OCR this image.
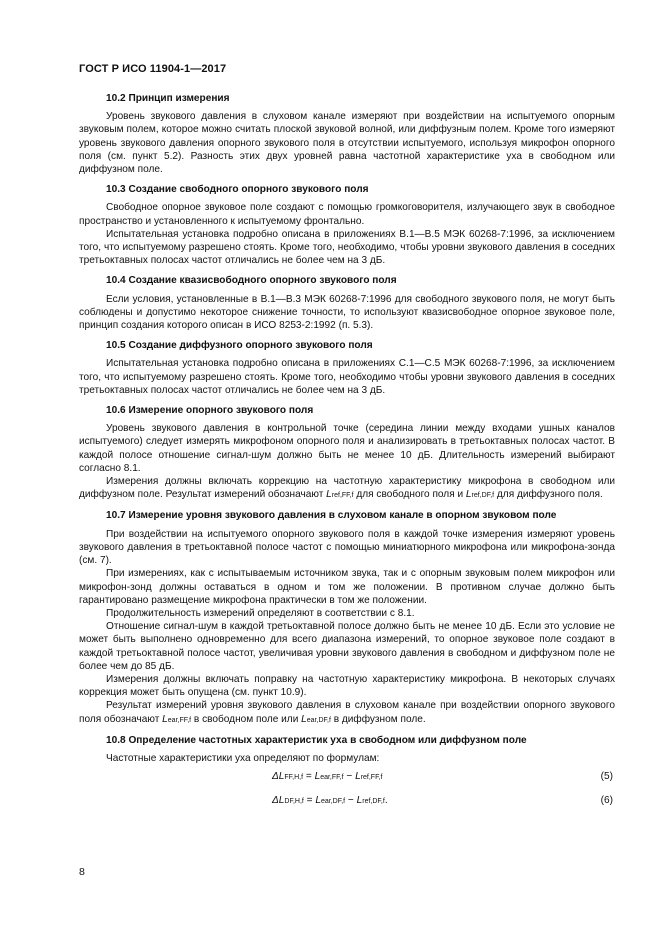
ГОСТ Р ИСО 11904-1—2017
10.2 Принцип измерения

Уровень звукового давления в слуховом канале измеряют при воздействии на испытуемого опорным звуковым полем, которое можно считать плоской звуковой волной, или диффузным полем. Кроме того измеряют уровень звукового давления опорного звукового поля в отсутствии испытуемого, используя микрофон опорного поля (см. пункт 5.2). Разность этих двух уровней равна частотной характеристике уха в свободном или диффузном поле.

10.3 Создание свободного опорного звукового поля

Свободное опорное звуковое поле создают с помощью громкоговорителя, излучающего звук в свободное пространство и установленного к испытуемому фронтально.

Испытательная установка подробно описана в приложениях B.1—B.5 МЭК 60268-7:1996, за исключением того, что испытуемому разрешено стоять. Кроме того, необходимо, чтобы уровни звукового давления в соседних третьоктавных полосах частот отличались не более чем на 3 дБ.

10.4 Создание квазисвободного опорного звукового поля

Если условия, установленные в B.1—B.3 МЭК 60268-7:1996 для свободного звукового поля, не могут быть соблюдены и допустимо некоторое снижение точности, то используют квазисвободное опорное звуковое поле, принцип создания которого описан в ИСО 8253-2:1992 (п. 5.3).

10.5 Создание диффузного опорного звукового поля

Испытательная установка подробно описана в приложениях C.1—C.5 МЭК 60268-7:1996, за исключением того, что испытуемому разрешено стоять. Кроме того, необходимо чтобы уровни звукового давления в соседних третьоктавных полосах частот отличались не более чем на 3 дБ.

10.6 Измерение опорного звукового поля

Уровень звукового давления в контрольной точке (середина линии между входами ушных каналов испытуемого) следует измерять микрофоном опорного поля и анализировать в третьоктавных полосах частот. В каждой полосе отношение сигнал-шум должно быть не менее 10 дБ. Длительность измерений выбирают согласно 8.1.

Измерения должны включать коррекцию на частотную характеристику микрофона в свободном или диффузном поле. Результат измерений обозначают Lref,FF,f для свободного поля и Lref,DF,f для диффузного поля.

10.7 Измерение уровня звукового давления в слуховом канале в опорном звуковом поле

При воздействии на испытуемого опорного звукового поля в каждой точке измерения измеряют уровень звукового давления в третьоктавной полосе частот с помощью миниатюрного микрофона или микрофона-зонда (см. 7).

При измерениях, как с испытываемым источником звука, так и с опорным звуковым полем микрофон или микрофон-зонд должны оставаться в одном и том же положении. В противном случае должно быть гарантировано размещение микрофона практически в том же положении.

Продолжительность измерений определяют в соответствии с 8.1.

Отношение сигнал-шум в каждой третьоктавной полосе должно быть не менее 10 дБ. Если это условие не может быть выполнено одновременно для всего диапазона измерений, то опорное звуковое поле создают в каждой третьоктавной полосе частот, увеличивая уровни звукового давления в свободном и диффузном поле не более чем до 85 дБ.

Измерения должны включать поправку на частотную характеристику микрофона. В некоторых случаях коррекция может быть опущена (см. пункт 10.9).

Результат измерений уровня звукового давления в слуховом канале при воздействии опорного звукового поля обозначают Lear,FF,f в свободном поле или Lear,DF,f в диффузном поле.

10.8 Определение частотных характеристик уха в свободном или диффузном поле

Частотные характеристики уха определяют по формулам:

ΔLFF,H,f = Lear,FF,f − Lref,FF,f	(5)
ΔLDF,H,f = Lear,DF,f − Lref,DF,f.	(6)
8
